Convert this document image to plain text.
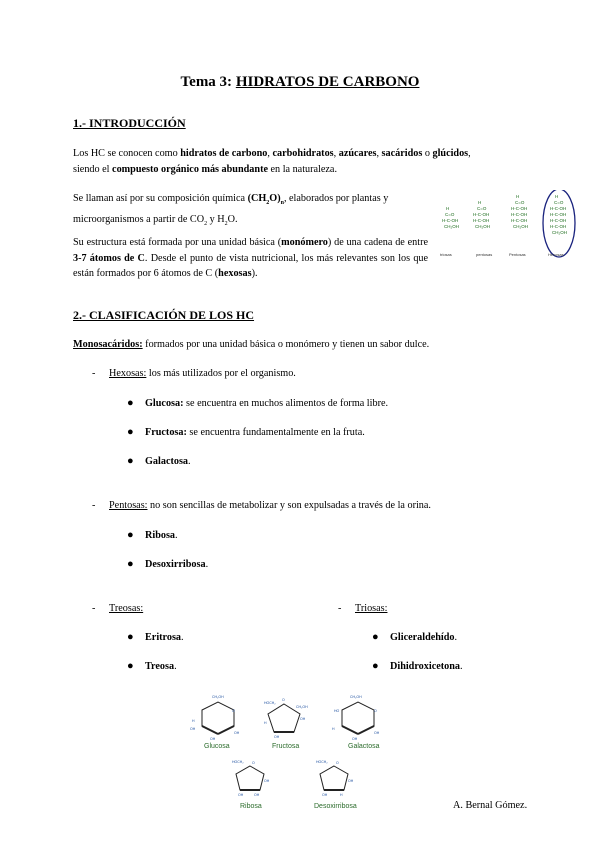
Tema 3: HIDRATOS DE CARBONO
1.- INTRODUCCIÓN
Los HC se conocen como hidratos de carbono, carbohidratos, azúcares, sacáridos o glúcidos,
siendo el compuesto orgánico más abundante en la naturaleza.
Se llaman así por su composición química $(CH_2O)_n$, elaborados por plantas y
microorganismos a partir de $CO_2$ y $H_2O$.
Su estructura está formada por una unidad básica (monómero) de una cadena de entre 3-7 átomos de C. Desde el punto de vista nutricional, los más relevantes son los que están formados por 6 átomos de C (hexosas).
H
C=O
H-C-OH
CH₂OH
H
C=O
H-C-OH
H-C-OH
CH₂OH
H
C=O
H-C-OH
H-C-OH
H-C-OH
CH₂OH
H
C=O
H-C-OH
H-C-OH
H-C-OH
H-C-OH
CH₂OH
triosas	pentosas	Pentosas	Hexosas
2.- CLASIFICACIÓN DE LOS HC
Monosacáridos: formados por una unidad básica o monómero y tienen un sabor dulce.
- Hexosas: los más utilizados por el organismo.
● Glucosa: se encuentra en muchos alimentos de forma libre.
● Fructosa: se encuentra fundamentalmente en la fruta.
● Galactosa.
- Pentosas: no son sencillas de metabolizar y son expulsadas a través de la orina.
● Ribosa.
● Desoxirribosa.
- Treosas:	- Triosas:
● Eritrosa.	● Gliceraldehído.
● Treosa.	● Dihidroxicetona.
CH₂OH
O
H
OH
OH
OH
Glucosa
HOCH₂
O
CH₂OH
OH
OH
H
Fructosa
CH₂OH
O
HO
OH
OH
H
Galactosa
HOCH₂ O
OH
OH	OH
Ribosa
HOCH₂ O
OH
OH	H
Desoxirribosa	A. Bernal Gómez.
